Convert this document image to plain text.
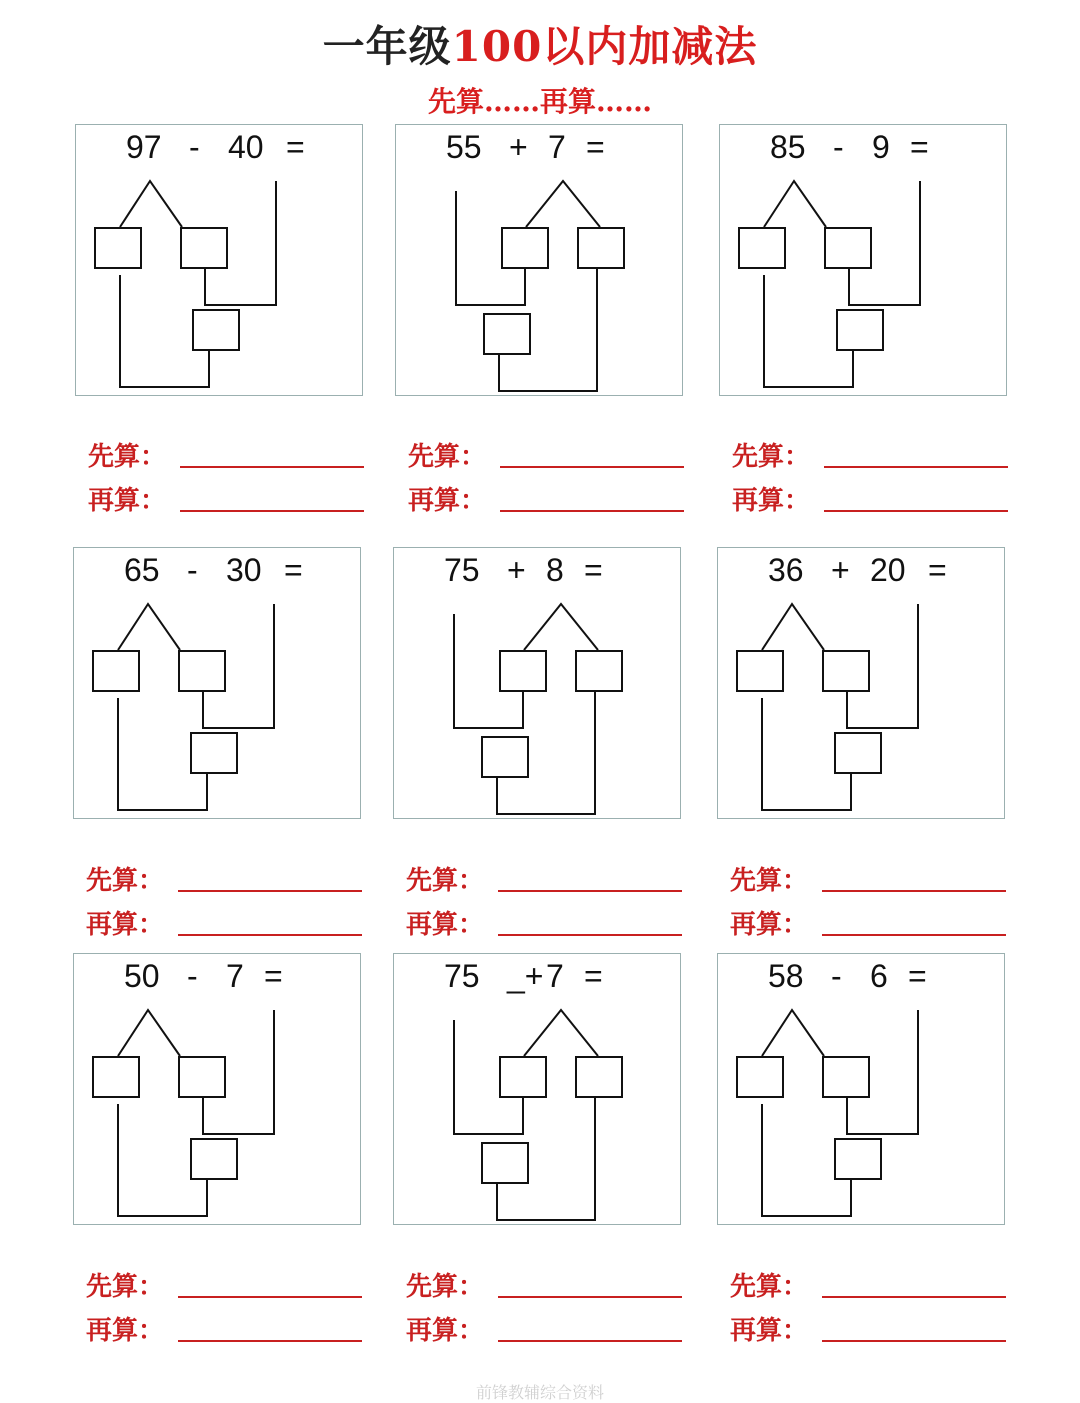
一年级100以内加减法
先算……再算……
97 - 40 =
先算：
再算：
55 + 7 =
先算：
再算：
85 - 9 =
先算：
再算：
65 - 30 =
先算：
再算：
75 + 8 =
先算：
再算：
36 + 20 =
先算：
再算：
50 - 7 =
先算：
再算：
75 _+ 7 =
先算：
再算：
58 - 6 =
先算：
再算：
前锋教辅综合资料
